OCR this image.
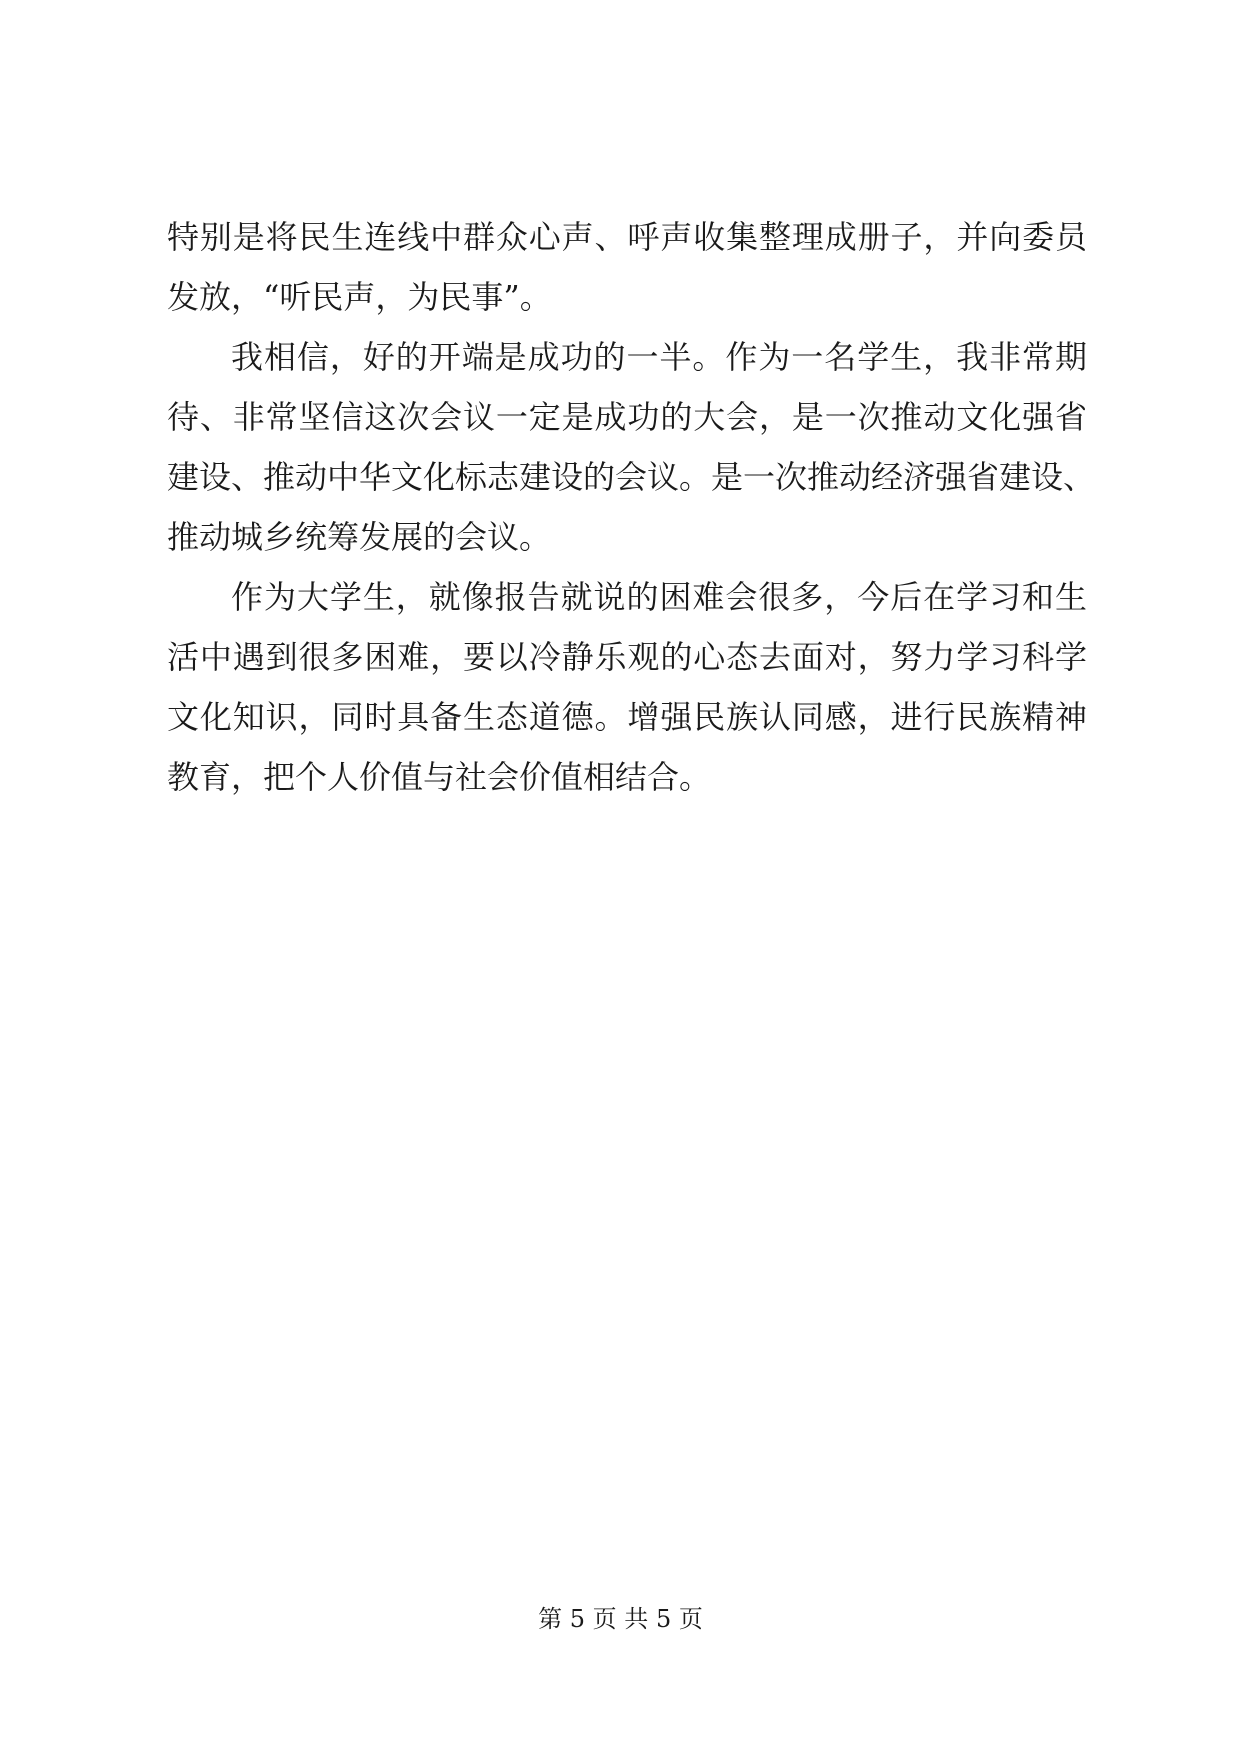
特别是将民生连线中群众心声、呼声收集整理成册子，并向委员
发放，“听民声，为民事”。
我相信，好的开端是成功的一半。作为一名学生，我非常期
待、非常坚信这次会议一定是成功的大会，是一次推动文化强省
建设、推动中华文化标志建设的会议。是一次推动经济强省建设、
推动城乡统筹发展的会议。
作为大学生，就像报告就说的困难会很多，今后在学习和生
活中遇到很多困难，要以冷静乐观的心态去面对，努力学习科学
文化知识，同时具备生态道德。增强民族认同感，进行民族精神
教育，把个人价值与社会价值相结合。
第 5 页 共 5 页
